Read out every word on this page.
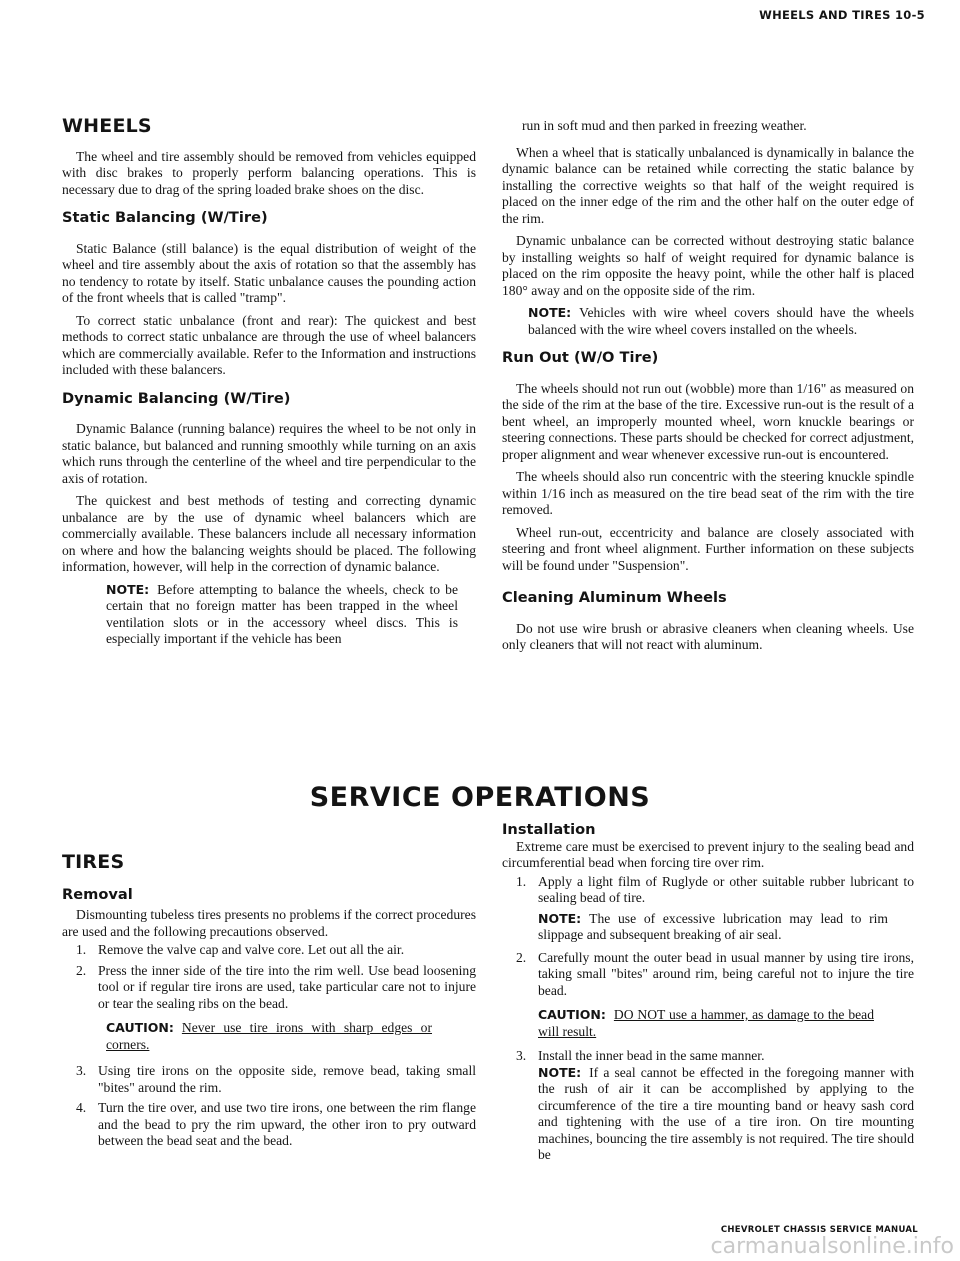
WHEELS AND TIRES 10-5
WHEELS

The wheel and tire assembly should be removed from vehicles equipped with disc brakes to properly perform balancing operations. This is necessary due to drag of the spring loaded brake shoes on the disc.

Static Balancing (W/Tire)

Static Balance (still balance) is the equal distribution of weight of the wheel and tire assembly about the axis of rotation so that the assembly has no tendency to rotate by itself. Static unbalance causes the pounding action of the front wheels that is called "tramp".

To correct static unbalance (front and rear): The quickest and best methods to correct static unbalance are through the use of wheel balancers which are commercially available. Refer to the Information and instructions included with these balancers.

Dynamic Balancing (W/Tire)

Dynamic Balance (running balance) requires the wheel to be not only in static balance, but balanced and running smoothly while turning on an axis which runs through the centerline of the wheel and tire perpendicular to the axis of rotation.

The quickest and best methods of testing and correcting dynamic unbalance are by the use of dynamic wheel balancers which are commercially available. These balancers include all necessary information on where and how the balancing weights should be placed. The following information, however, will help in the correction of dynamic balance.

NOTE: Before attempting to balance the wheels, check to be certain that no foreign matter has been trapped in the wheel ventilation slots or in the accessory wheel discs. This is especially important if the vehicle has been

run in soft mud and then parked in freezing weather.

When a wheel that is statically unbalanced is dynamically in balance the dynamic balance can be retained while correcting the static balance by installing the corrective weights so that half of the weight required is placed on the inner edge of the rim and the other half on the outer edge of the rim.

Dynamic unbalance can be corrected without destroying static balance by installing weights so half of weight required for dynamic balance is placed on the rim opposite the heavy point, while the other half is placed 180° away and on the opposite side of the rim.

NOTE: Vehicles with wire wheel covers should have the wheels balanced with the wire wheel covers installed on the wheels.
Run Out (W/O Tire)

The wheels should not run out (wobble) more than 1/16" as measured on the side of the rim at the base of the tire. Excessive run-out is the result of a bent wheel, an improperly mounted wheel, worn knuckle bearings or steering connections. These parts should be checked for correct adjustment, proper alignment and wear whenever excessive run-out is encountered.

The wheels should also run concentric with the steering knuckle spindle within 1/16 inch as measured on the tire bead seat of the rim with the tire removed.

Wheel run-out, eccentricity and balance are closely associated with steering and front wheel alignment. Further information on these subjects will be found under "Suspension".

Cleaning Aluminum Wheels

Do not use wire brush or abrasive cleaners when cleaning wheels. Use only cleaners that will not react with aluminum.

SERVICE OPERATIONS
TIRES
Removal

Dismounting tubeless tires presents no problems if the correct procedures are used and the following precautions observed.

1. Remove the valve cap and valve core. Let out all the air.
2. Press the inner side of the tire into the rim well. Use bead loosening tool or if regular tire irons are used, take particular care not to injure or tear the sealing ribs on the bead.
CAUTION: Never use tire irons with sharp edges or corners.
3. Using tire irons on the opposite side, remove bead, taking small "bites" around the rim.
4. Turn the tire over, and use two tire irons, one between the rim flange and the bead to pry the rim upward, the other iron to pry outward between the bead seat and the bead.
Installation

Extreme care must be exercised to prevent injury to the sealing bead and circumferential bead when forcing tire over rim.

1. Apply a light film of Ruglyde or other suitable rubber lubricant to sealing bead of tire.
NOTE: The use of excessive lubrication may lead to rim slippage and subsequent breaking of air seal.
2. Carefully mount the outer bead in usual manner by using tire irons, taking small "bites" around rim, being careful not to injure the tire bead.
CAUTION: DO NOT use a hammer, as damage to the bead will result.
3. Install the inner bead in the same manner.
NOTE: If a seal cannot be effected in the foregoing manner with the rush of air it can be accomplished by applying to the circumference of the tire a tire mounting band or heavy sash cord and tightening with the use of a tire iron. On tire mounting machines, bouncing the tire assembly is not required. The tire should be
CHEVROLET CHASSIS SERVICE MANUAL
carmanualsonline.info
